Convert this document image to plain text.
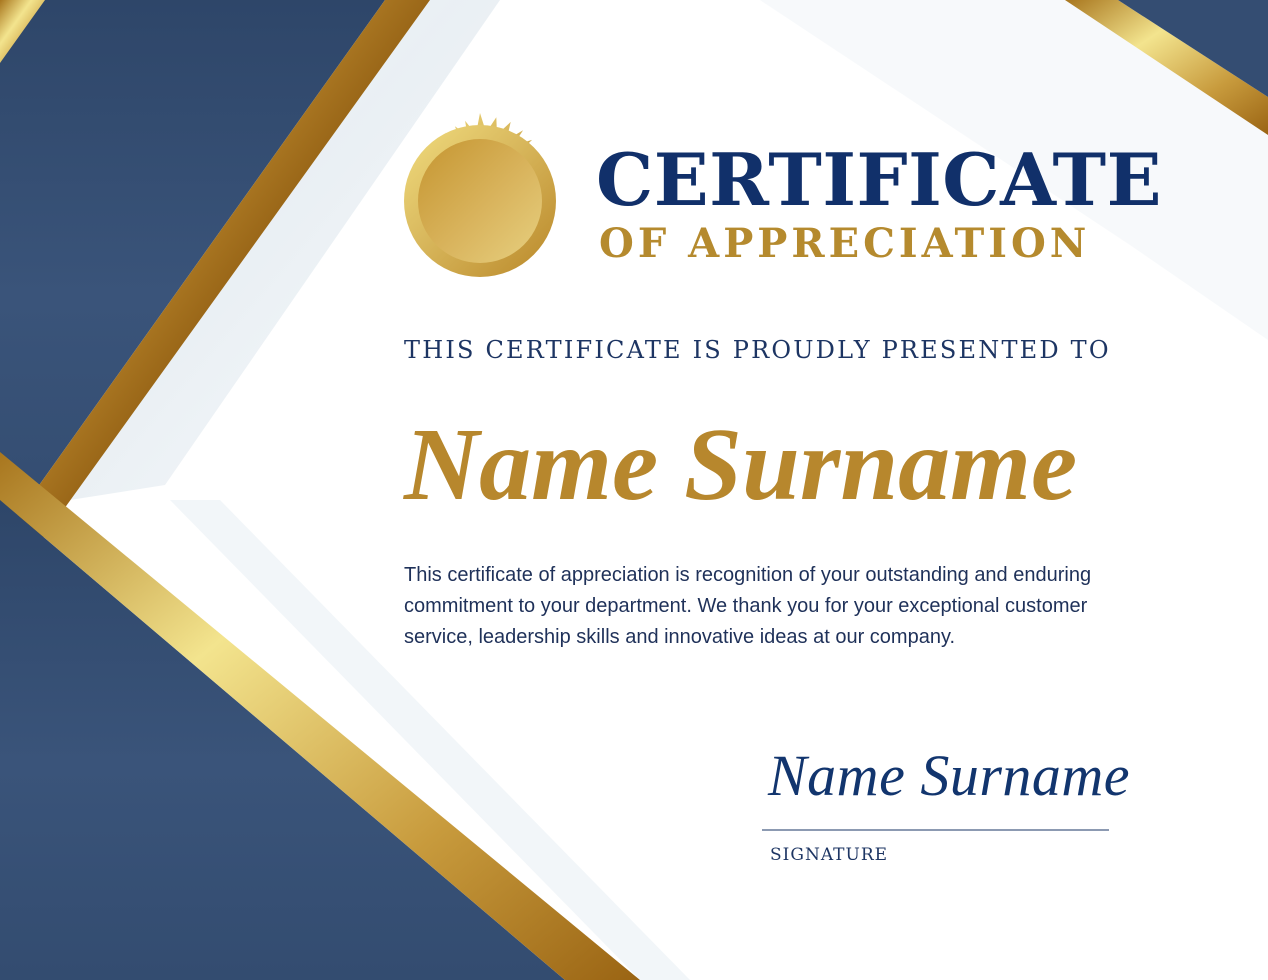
CERTIFICATE
OF APPRECIATION

THIS CERTIFICATE IS PROUDLY PRESENTED TO

Name Surname

This certificate of appreciation is recognition of your outstanding and enduring commitment to your department. We thank you for your exceptional customer service, leadership skills and innovative ideas at our company.

Name Surname

SIGNATURE
